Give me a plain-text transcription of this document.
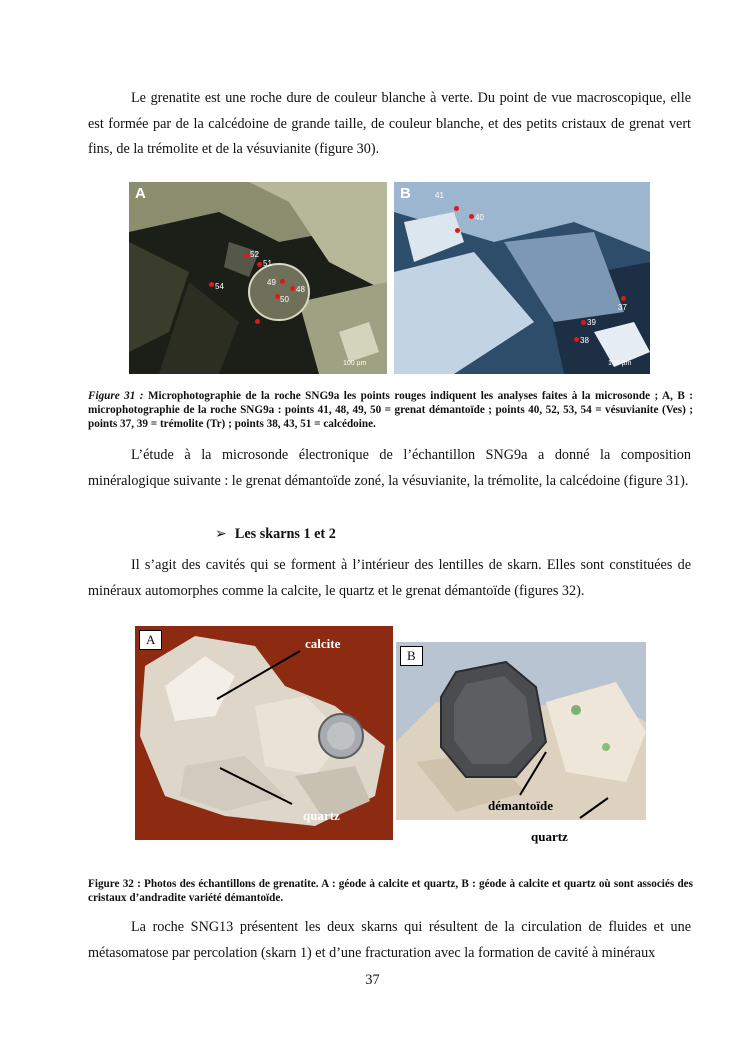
Le grenatite est une roche dure de couleur blanche à verte. Du point de vue macroscopique, elle est formée par de la calcédoine de grande taille, de couleur blanche, et des petits cristaux de grenat vert fins, de la trémolite et de la vésuvianite (figure 30).

A
52
51
54	49
48
50
100 µm
B	41
40
37
39
38
100 µm

Figure 31 : Microphotographie de la roche SNG9a les points rouges indiquent les analyses faites à la microsonde ; A, B : microphotographie de la roche SNG9a : points 41, 48, 49, 50 = grenat démantoïde ; points 40, 52, 53, 54 = vésuvianite (Ves) ; points 37, 39 = trémolite (Tr) ; points 38, 43, 51 = calcédoine.

L’étude à la microsonde électronique de l’échantillon SNG9a a donné la composition minéralogique suivante : le grenat démantoïde zoné, la vésuvianite, la trémolite, la calcédoine (figure 31).

➢ Les skarns 1 et 2

Il s’agit des cavités qui se forment à l’intérieur des lentilles de skarn. Elles sont constituées de minéraux automorphes comme la calcite, le quartz et le grenat démantoïde (figures 32).

A	calcite
quartz
B
démantoïde
quartz

Figure 32 : Photos des échantillons de grenatite. A : géode à calcite et quartz, B : géode à calcite et quartz où sont associés des cristaux d’andradite variété démantoïde.

La roche SNG13 présentent les deux skarns qui résultent de la circulation de fluides et une métasomatose par percolation (skarn 1) et d’une fracturation avec la formation de cavité à minéraux

37
